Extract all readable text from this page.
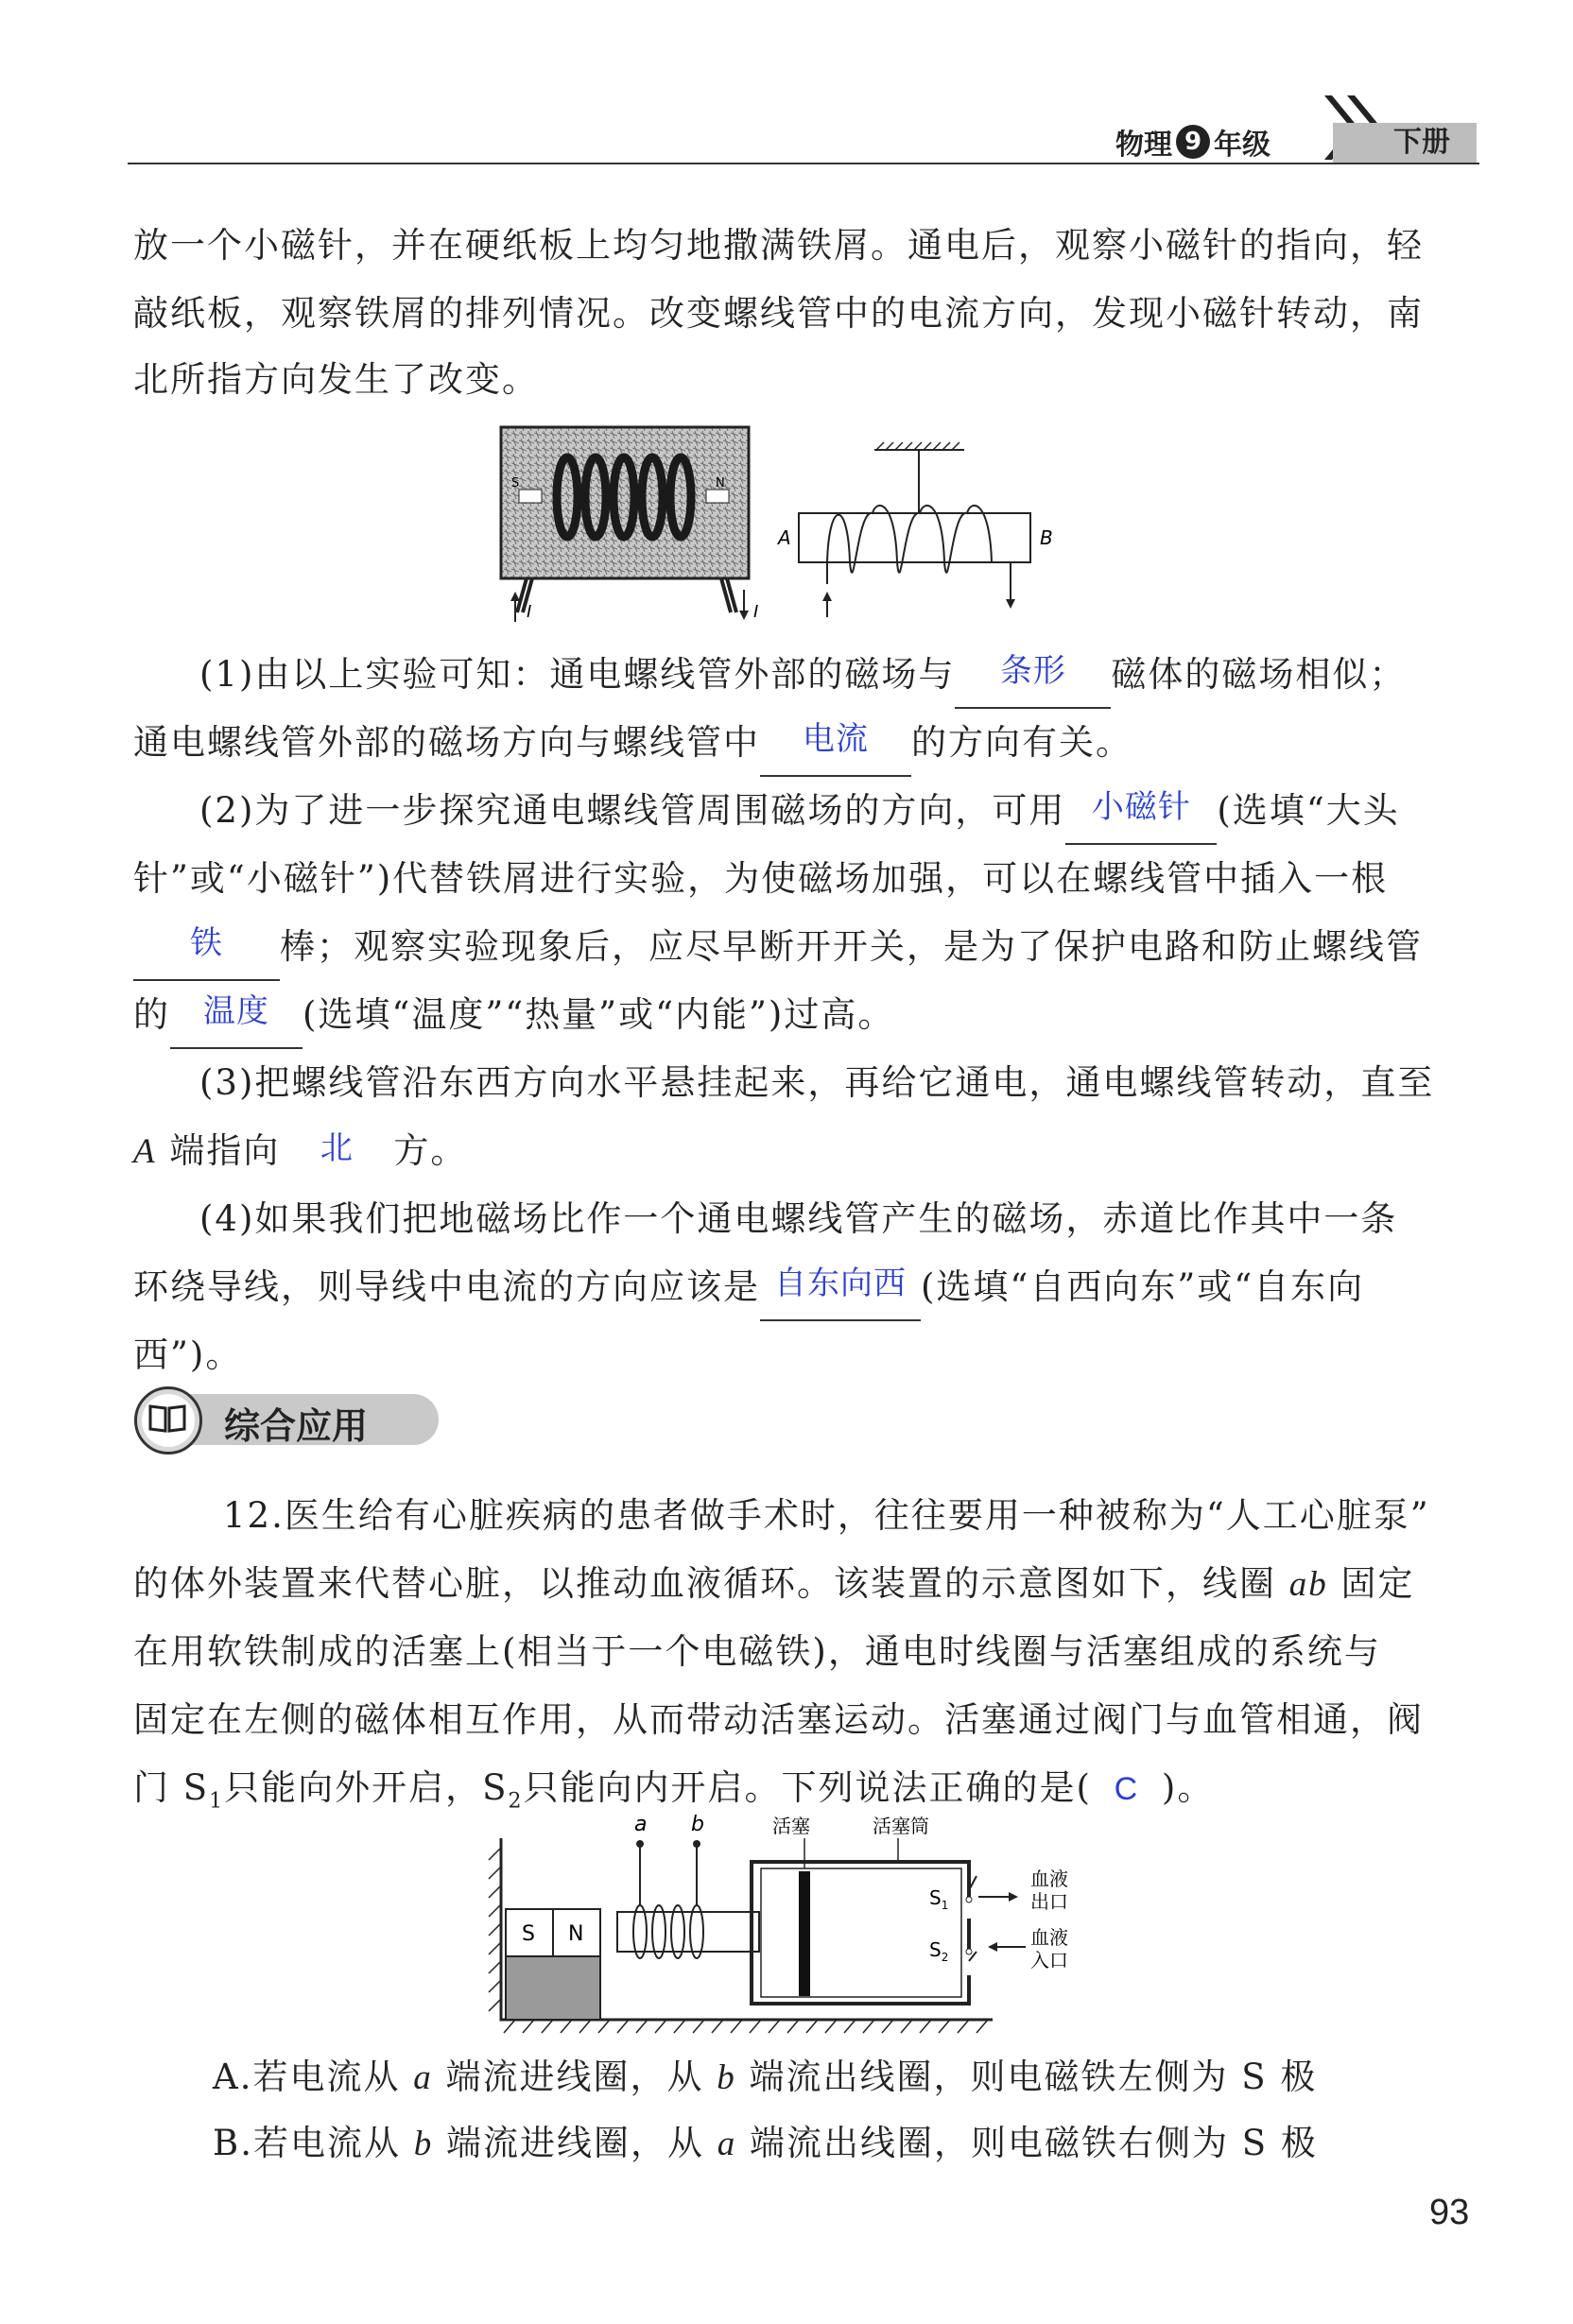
物理 9 年级	下册
放一个小磁针，并在硬纸板上均匀地撒满铁屑。通电后，观察小磁针的指向，轻
敲纸板，观察铁屑的排列情况。改变螺线管中的电流方向，发现小磁针转动，南
北所指方向发生了改变。
S	N
I	I
A	B
(1)由以上实验可知：通电螺线管外部的磁场与	条形	磁体的磁场相似；
通电螺线管外部的磁场方向与螺线管中	电流	的方向有关。
(2)为了进一步探究通电螺线管周围磁场的方向，可用 小磁针 (选填“大头
针”或“小磁针”)代替铁屑进行实验，为使磁场加强，可以在螺线管中插入一根
铁	棒；观察实验现象后，应尽早断开开关，是为了保护电路和防止螺线管
的	温度 (选填“温度”“热量”或“内能”)过高。
(3)把螺线管沿东西方向水平悬挂起来，再给它通电，通电螺线管转动，直至
A 端指向	北	方。
(4)如果我们把地磁场比作一个通电螺线管产生的磁场，赤道比作其中一条
环绕导线，则导线中电流的方向应该是 自东向西 (选填“自西向东”或“自东向
西”)。
综合应用
12.医生给有心脏疾病的患者做手术时，往往要用一种被称为“人工心脏泵”
的体外装置来代替心脏，以推动血液循环。该装置的示意图如下，线圈 ab 固定
在用软铁制成的活塞上(相当于一个电磁铁)，通电时线圈与活塞组成的系统与
固定在左侧的磁体相互作用，从而带动活塞运动。活塞通过阀门与血管相通，阀
门 $S_1$只能向外开启，$S_2$只能向内开启。下列说法正确的是( C )。
S N
a b	活塞	活塞筒
$S_1$
$S_2$
血液
出口
血液
入口
A.若电流从 a 端流进线圈，从 b 端流出线圈，则电磁铁左侧为 S 极
B.若电流从 b 端流进线圈，从 a 端流出线圈，则电磁铁右侧为 S 极
93
